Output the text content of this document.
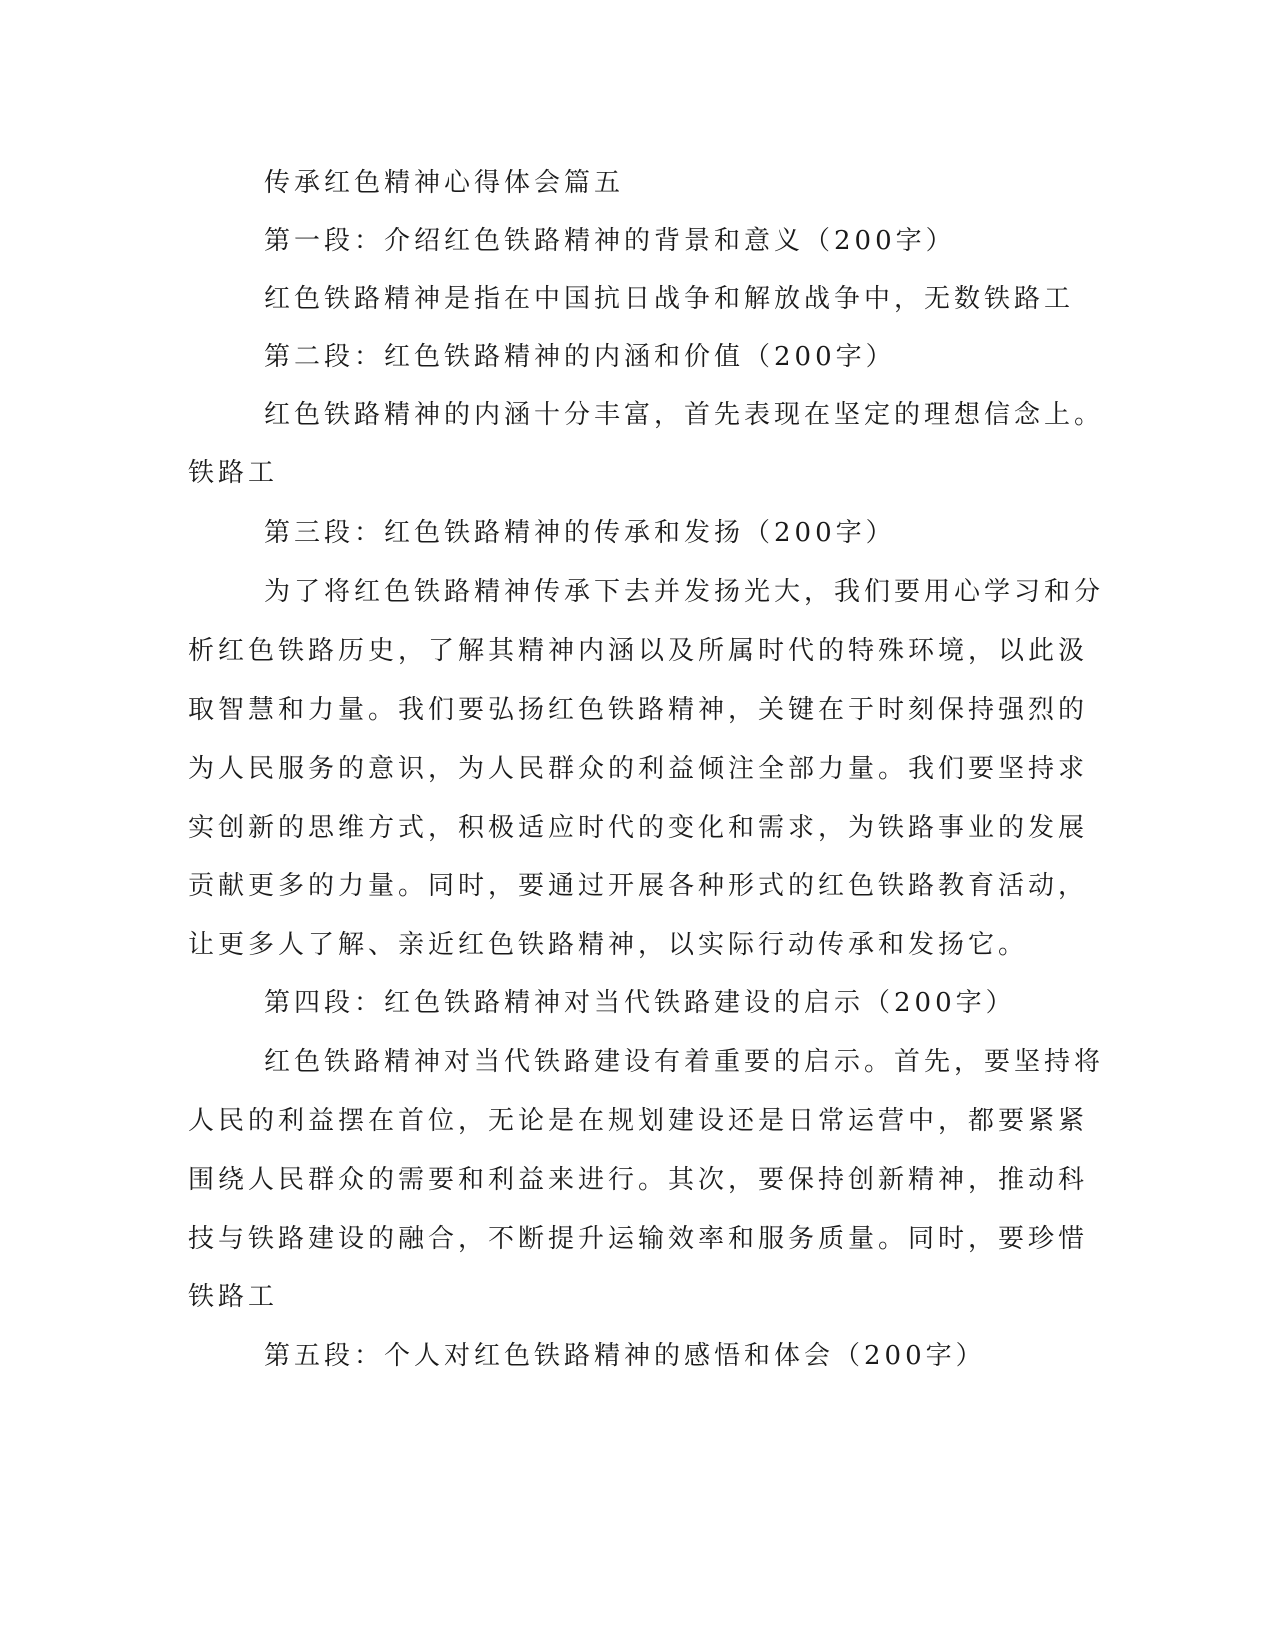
传承红色精神心得体会篇五

第一段：介绍红色铁路精神的背景和意义（200字）

红色铁路精神是指在中国抗日战争和解放战争中，无数铁路工

第二段：红色铁路精神的内涵和价值（200字）

红色铁路精神的内涵十分丰富，首先表现在坚定的理想信念上。

铁路工

第三段：红色铁路精神的传承和发扬（200字）

为了将红色铁路精神传承下去并发扬光大，我们要用心学习和分

析红色铁路历史，了解其精神内涵以及所属时代的特殊环境，以此汲

取智慧和力量。我们要弘扬红色铁路精神，关键在于时刻保持强烈的

为人民服务的意识，为人民群众的利益倾注全部力量。我们要坚持求

实创新的思维方式，积极适应时代的变化和需求，为铁路事业的发展

贡献更多的力量。同时，要通过开展各种形式的红色铁路教育活动，

让更多人了解、亲近红色铁路精神，以实际行动传承和发扬它。

第四段：红色铁路精神对当代铁路建设的启示（200字）

红色铁路精神对当代铁路建设有着重要的启示。首先，要坚持将

人民的利益摆在首位，无论是在规划建设还是日常运营中，都要紧紧

围绕人民群众的需要和利益来进行。其次，要保持创新精神，推动科

技与铁路建设的融合，不断提升运输效率和服务质量。同时，要珍惜

铁路工

第五段：个人对红色铁路精神的感悟和体会（200字）
